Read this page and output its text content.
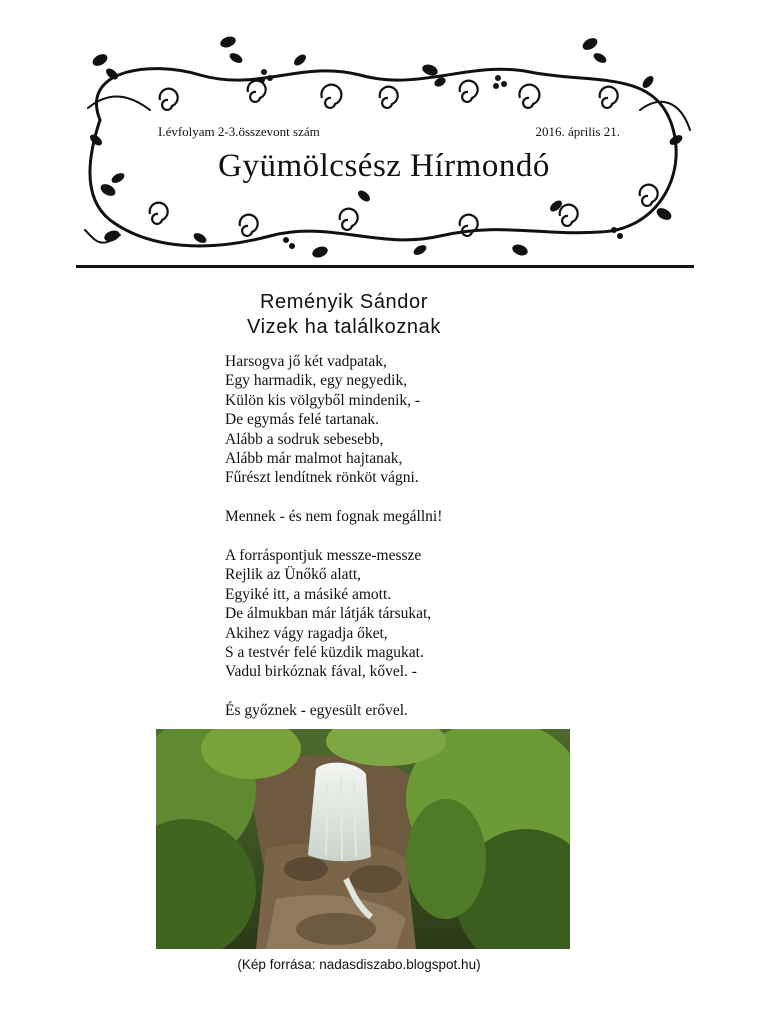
I.évfolyam 2-3.összevont szám	2016. április 21.
Gyümölcsész Hírmondó
Reményik Sándor
Vizek ha találkoznak
Harsogva jő két vadpatak,
Egy harmadik, egy negyedik,
Külön kis völgyből mindenik, -
De egymás felé tartanak.
Alább a sodruk sebesebb,
Alább már malmot hajtanak,
Fűrészt lendítnek rönköt vágni.
Mennek - és nem fognak megállni!
A forráspontjuk messze-messze
Rejlik az Ünőkő alatt,
Egyiké itt, a másiké amott.
De álmukban már látják társukat,
Akihez vágy ragadja őket,
S a testvér felé küzdik magukat.
Vadul birkóznak fával, kővel. -
És győznek - egyesült erővel.
(Kép forrása: nadasdiszabo.blogspot.hu)
